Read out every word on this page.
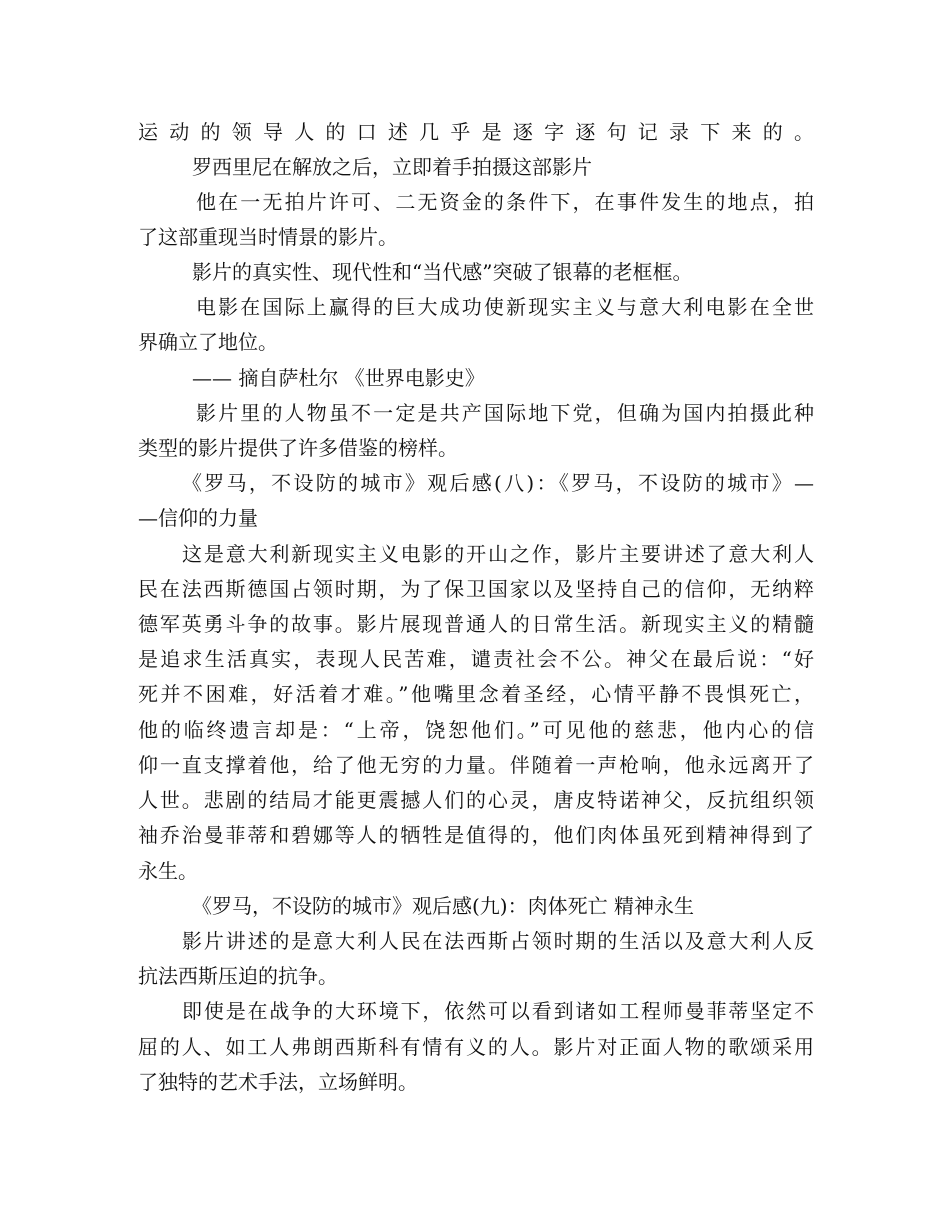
运动的领导人的口述几乎是逐字逐句记录下来的。
罗西里尼在解放之后，立即着手拍摄这部影片
他在一无拍片许可、二无资金的条件下，在事件发生的地点，拍
了这部重现当时情景的影片。
影片的真实性、现代性和“当代感”突破了银幕的老框框。
电影在国际上赢得的巨大成功使新现实主义与意大利电影在全世
界确立了地位。
—— 摘自萨杜尔 《世界电影史》
影片里的人物虽不一定是共产国际地下党，但确为国内拍摄此种
类型的影片提供了许多借鉴的榜样。
《罗马，不设防的城市》观后感(八)：《罗马，不设防的城市》—
—信仰的力量
这是意大利新现实主义电影的开山之作，影片主要讲述了意大利人
民在法西斯德国占领时期，为了保卫国家以及坚持自己的信仰，无纳粹
德军英勇斗争的故事。影片展现普通人的日常生活。新现实主义的精髓
是追求生活真实，表现人民苦难，谴责社会不公。神父在最后说：“好
死并不困难，好活着才难。”他嘴里念着圣经，心情平静不畏惧死亡，
他的临终遗言却是：“上帝，饶恕他们。”可见他的慈悲，他内心的信
仰一直支撑着他，给了他无穷的力量。伴随着一声枪响，他永远离开了
人世。悲剧的结局才能更震撼人们的心灵，唐皮特诺神父，反抗组织领
袖乔治曼菲蒂和碧娜等人的牺牲是值得的，他们肉体虽死到精神得到了
永生。
《罗马，不设防的城市》观后感(九)：肉体死亡 精神永生
影片讲述的是意大利人民在法西斯占领时期的生活以及意大利人反
抗法西斯压迫的抗争。
即使是在战争的大环境下，依然可以看到诸如工程师曼菲蒂坚定不
屈的人、如工人弗朗西斯科有情有义的人。影片对正面人物的歌颂采用
了独特的艺术手法，立场鲜明。
